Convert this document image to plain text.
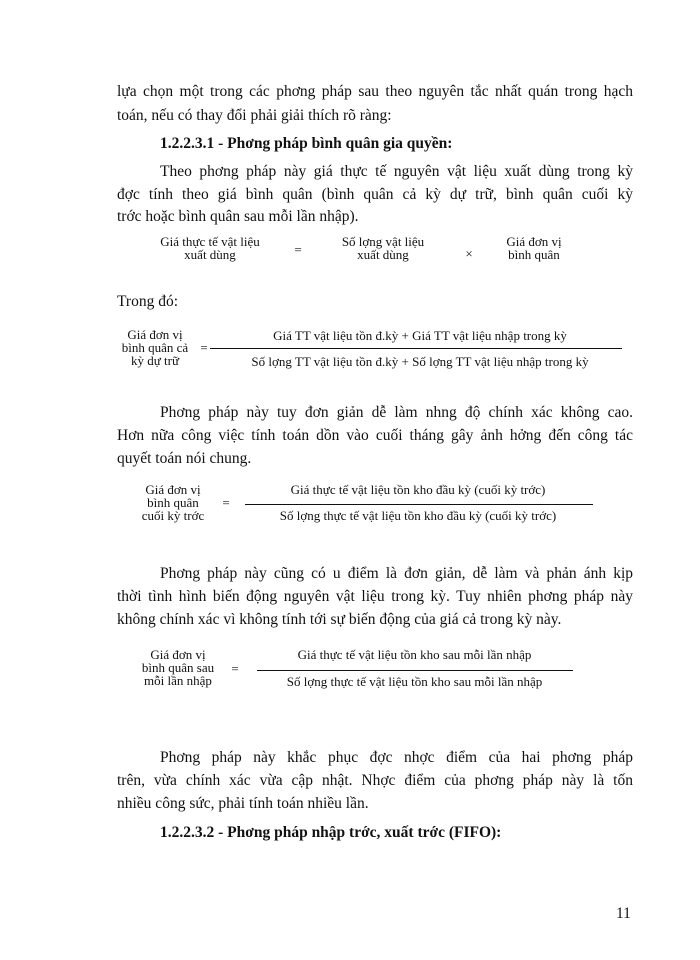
lựa chọn một trong các phơng pháp sau theo nguyên tắc nhất quán trong hạch
toán, nếu có thay đổi phải giải thích rõ ràng:
1.2.2.3.1 - Phơng pháp bình quân gia quyền:
Theo phơng pháp này giá thực tế nguyên vật liệu xuất dùng trong kỳ
đợc tính theo giá bình quân (bình quân cả kỳ dự trữ, bình quân cuối kỳ
trớc hoặc bình quân sau mỗi lần nhập).
Giá thực tế vật liệu
xuất dùng	=
Số lợng vật liệu
xuất dùng	×
Giá đơn vị
bình quân
Trong đó:
Giá đơn vị
bình quân cả
kỳ dự trữ
=
Giá TT vật liệu tồn đ.kỳ + Giá TT vật liệu nhập trong kỳ
Số lợng TT vật liệu tồn đ.kỳ + Số lợng TT vật liệu nhập trong kỳ
Phơng pháp này tuy đơn giản dễ làm nhng độ chính xác không cao.
Hơn nữa công việc tính toán dồn vào cuối tháng gây ảnh hởng đến công tác
quyết toán nói chung.
Giá đơn vị
bình quân
cuối kỳ trớc
=
Giá thực tế vật liệu tồn kho đầu kỳ (cuối kỳ trớc)
Số lợng thực tế vật liệu tồn kho đầu kỳ (cuối kỳ trớc)
Phơng pháp này cũng có u điểm là đơn giản, dễ làm và phản ánh kịp
thời tình hình biến động nguyên vật liệu trong kỳ. Tuy nhiên phơng pháp này
không chính xác vì không tính tới sự biến động của giá cả trong kỳ này.
Giá đơn vị
bình quân sau
mỗi lần nhập
=
Giá thực tế vật liệu tồn kho sau mỗi lần nhập
Số lợng thực tế vật liệu tồn kho sau mỗi lần nhập
Phơng pháp này khắc phục đợc nhợc điểm của hai phơng pháp
trên, vừa chính xác vừa cập nhật. Nhợc điểm của phơng pháp này là tốn
nhiều công sức, phải tính toán nhiều lần.
1.2.2.3.2 - Phơng pháp nhập trớc, xuất trớc (FIFO):
11
